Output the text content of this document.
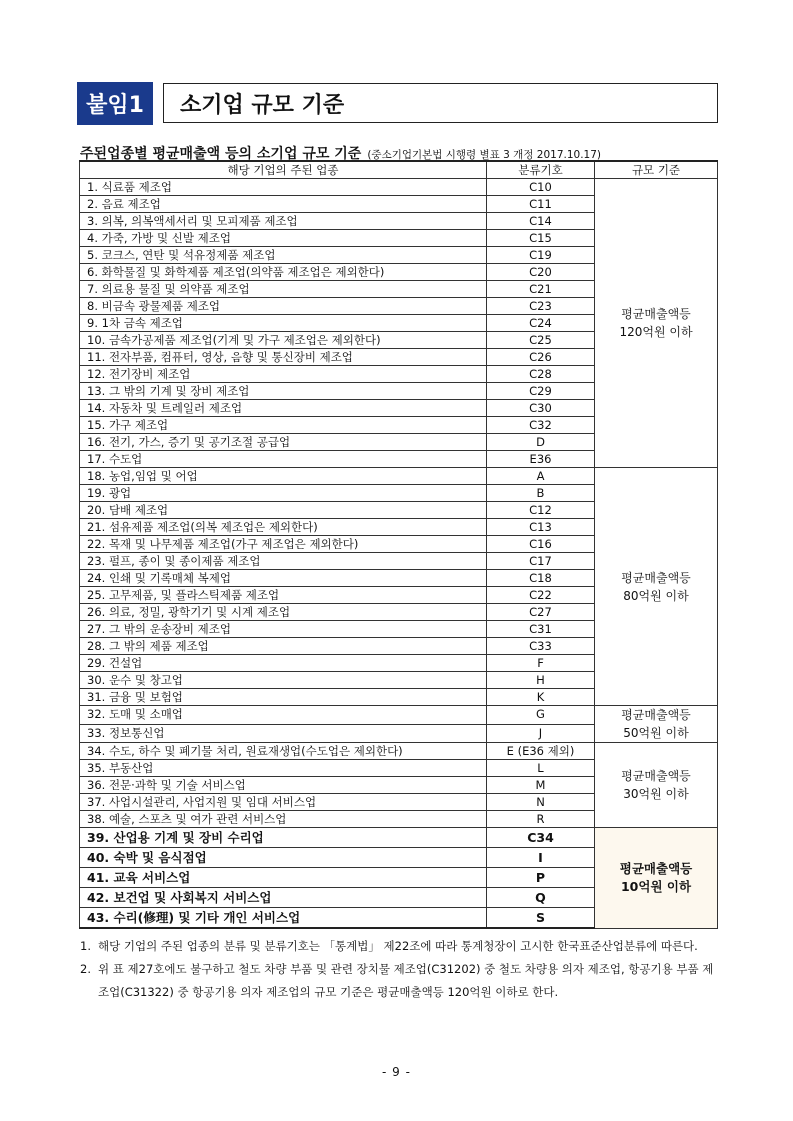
붙임1	소기업 규모 기준
주된업종별 평균매출액 등의 소기업 규모 기준 (중소기업기본법 시행령 별표 3 개정 2017.10.17)
해당 기업의 주된 업종	분류기호	규모 기준
1. 식료품 제조업	C10	평균매출액등
120억원 이하

2. 음료 제조업	C11	
3. 의복, 의복액세서리 및 모피제품 제조업	C14	
4. 가죽, 가방 및 신발 제조업	C15	
5. 코크스, 연탄 및 석유정제품 제조업	C19	
6. 화학물질 및 화학제품 제조업(의약품 제조업은 제외한다)	C20	
7. 의료용 물질 및 의약품 제조업	C21	
8. 비금속 광물제품 제조업	C23	
9. 1차 금속 제조업	C24	
10. 금속가공제품 제조업(기계 및 가구 제조업은 제외한다)	C25	
11. 전자부품, 컴퓨터, 영상, 음향 및 통신장비 제조업	C26	
12. 전기장비 제조업	C28	
13. 그 밖의 기계 및 장비 제조업	C29	
14. 자동차 및 트레일러 제조업	C30	
15. 가구 제조업	C32	
16. 전기, 가스, 증기 및 공기조절 공급업	D	
17. 수도업	E36	
18. 농업,임업 및 어업	A	평균매출액등
80억원 이하

19. 광업	B	
20. 담배 제조업	C12	
21. 섬유제품 제조업(의복 제조업은 제외한다)	C13	
22. 목재 및 나무제품 제조업(가구 제조업은 제외한다)	C16	
23. 펄프, 종이 및 종이제품 제조업	C17	
24. 인쇄 및 기록매체 복제업	C18	
25. 고무제품, 및 플라스틱제품 제조업	C22	
26. 의료, 정밀, 광학기기 및 시계 제조업	C27	
27. 그 밖의 운송장비 제조업	C31	
28. 그 밖의 제품 제조업	C33	
29. 건설업	F	
30. 운수 및 창고업	H	
31. 금융 및 보험업	K	
32. 도매 및 소매업	G	평균매출액등
50억원 이하

33. 정보통신업	J	
34. 수도, 하수 및 폐기물 처리, 원료재생업(수도업은 제외한다)	E (E36 제외)	평균매출액등
30억원 이하

35. 부동산업	L	
36. 전문·과학 및 기술 서비스업	M	
37. 사업시설관리, 사업지원 및 임대 서비스업	N	
38. 예술, 스포츠 및 여가 관련 서비스업	R	
39. 산업용 기계 및 장비 수리업	C34	평균매출액등
10억원 이하

40. 숙박 및 음식점업	I	
41. 교육 서비스업	P	
42. 보건업 및 사회복지 서비스업	Q	
43. 수리(修理) 및 기타 개인 서비스업	S	
1. 해당 기업의 주된 업종의 분류 및 분류기호는 「통계법」 제22조에 따라 통계청장이 고시한 한국표준산업분류에 따른다.
2. 위 표 제27호에도 불구하고 철도 차량 부품 및 관련 장치물 제조업(C31202) 중 철도 차량용 의자 제조업, 항공기용 부품 제조업(C31322) 중 항공기용 의자 제조업의 규모 기준은 평균매출액등 120억원 이하로 한다.
- 9 -
